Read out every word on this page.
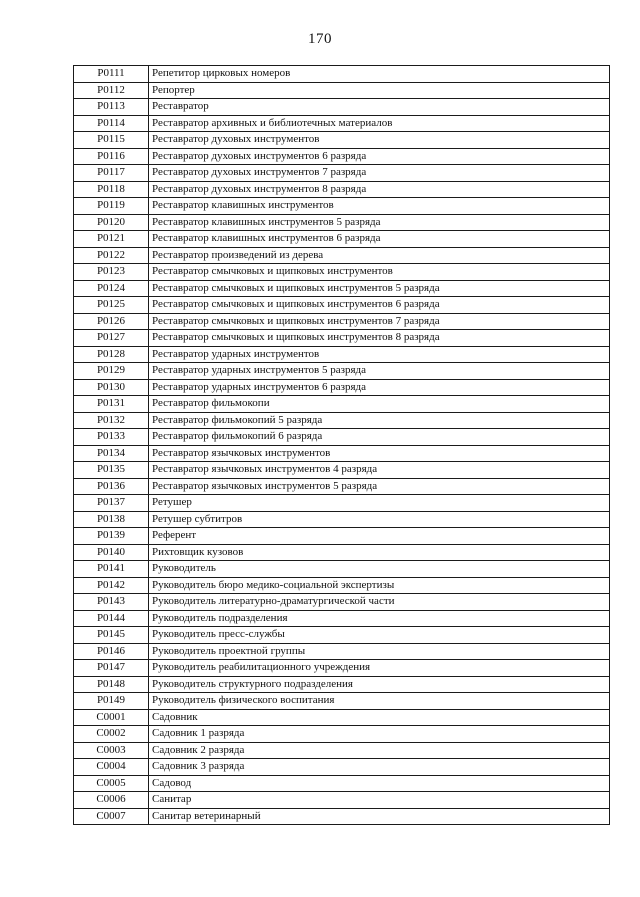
170
Р0111	Репетитор цирковых номеров
Р0112	Репортер
Р0113	Реставратор
Р0114	Реставратор архивных и библиотечных материалов
Р0115	Реставратор духовых инструментов
Р0116	Реставратор духовых инструментов 6 разряда
Р0117	Реставратор духовых инструментов 7 разряда
Р0118	Реставратор духовых инструментов 8 разряда
Р0119	Реставратор клавишных инструментов
Р0120	Реставратор клавишных инструментов 5 разряда
Р0121	Реставратор клавишных инструментов 6 разряда
Р0122	Реставратор произведений из дерева
Р0123	Реставратор смычковых и щипковых инструментов
Р0124	Реставратор смычковых и щипковых инструментов 5 разряда
Р0125	Реставратор смычковых и щипковых инструментов 6 разряда
Р0126	Реставратор смычковых и щипковых инструментов 7 разряда
Р0127	Реставратор смычковых и щипковых инструментов 8 разряда
Р0128	Реставратор ударных инструментов
Р0129	Реставратор ударных инструментов 5 разряда
Р0130	Реставратор ударных инструментов 6 разряда
Р0131	Реставратор фильмокопи
Р0132	Реставратор фильмокопий 5 разряда
Р0133	Реставратор фильмокопий 6 разряда
Р0134	Реставратор язычковых инструментов
Р0135	Реставратор язычковых инструментов 4 разряда
Р0136	Реставратор язычковых инструментов 5 разряда
Р0137	Ретушер
Р0138	Ретушер субтитров
Р0139	Референт
Р0140	Рихтовщик кузовов
Р0141	Руководитель
Р0142	Руководитель бюро медико-социальной экспертизы
Р0143	Руководитель литературно-драматургической части
Р0144	Руководитель подразделения
Р0145	Руководитель пресс-службы
Р0146	Руководитель проектной группы
Р0147	Руководитель реабилитационного учреждения
Р0148	Руководитель структурного подразделения
Р0149	Руководитель физического воспитания
С0001	Садовник
С0002	Садовник 1 разряда
С0003	Садовник 2 разряда
С0004	Садовник 3 разряда
С0005	Садовод
С0006	Санитар
С0007	Санитар ветеринарный
